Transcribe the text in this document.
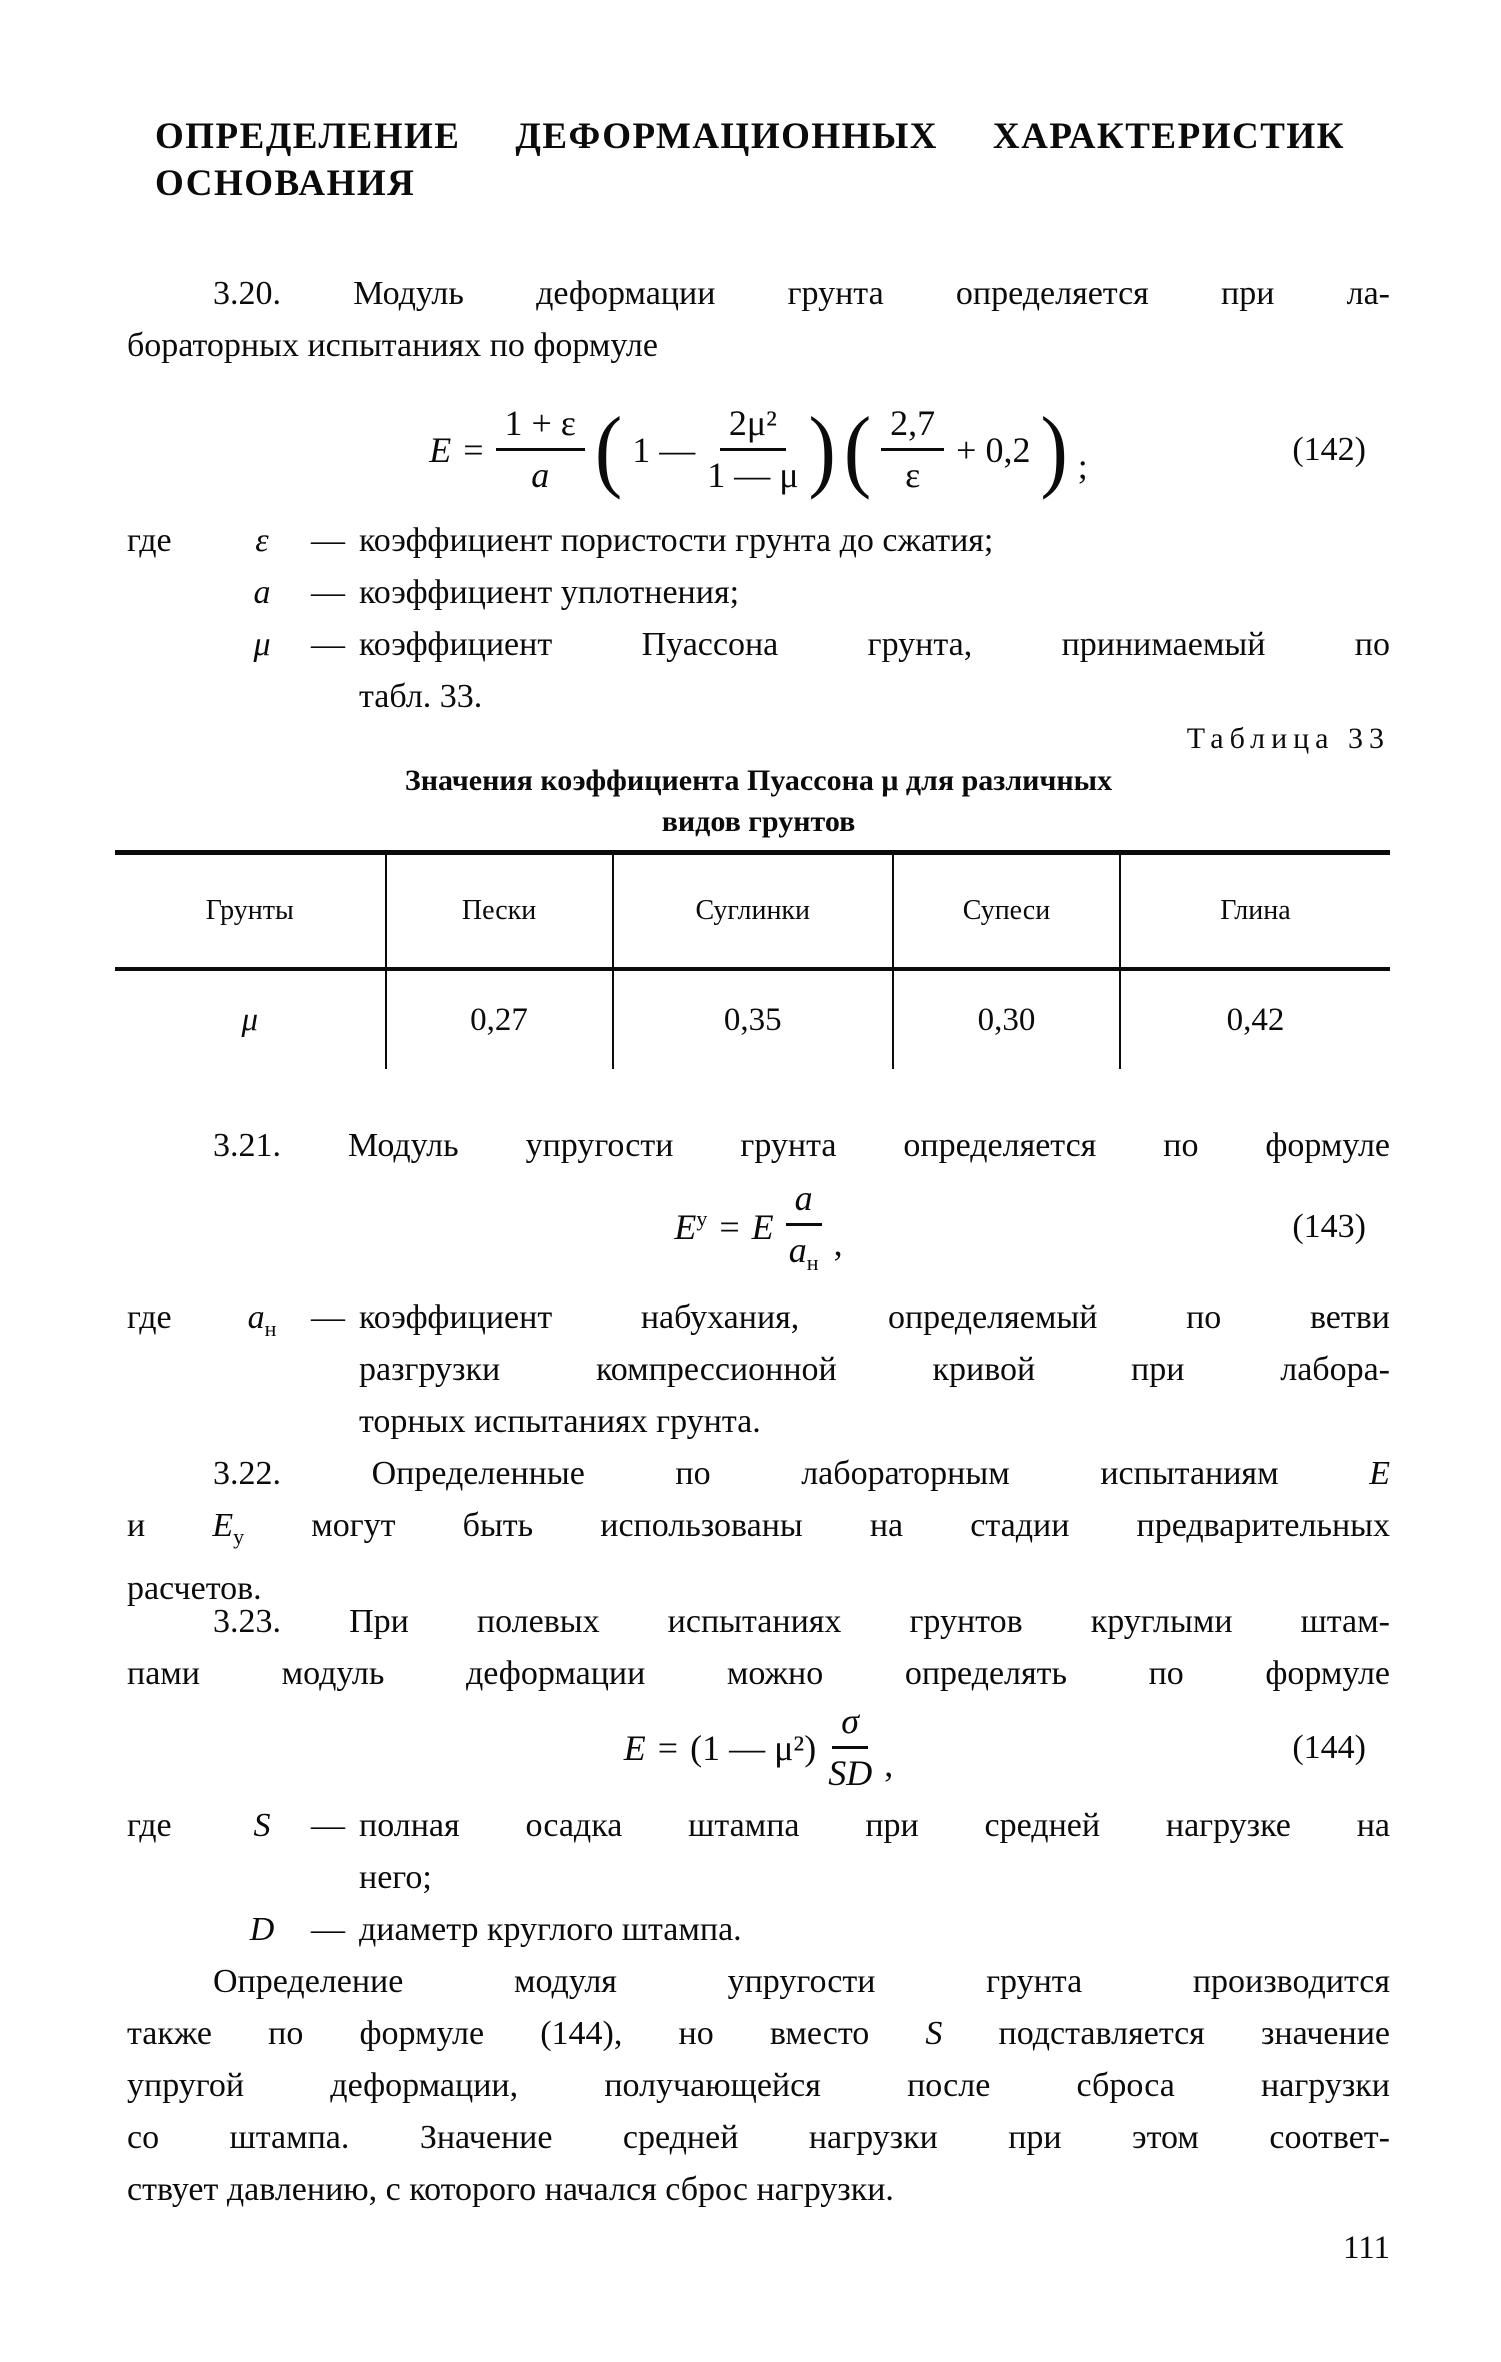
ОПРЕДЕЛЕНИЕ ДЕФОРМАЦИОННЫХ ХАРАКТЕРИСТИК
ОСНОВАНИЯ
3.20. Модуль деформации грунта определяется при ла-
бораторных испытаниях по формуле
$E = \frac{1 + \varepsilon}{a}$ ( 1 — $\frac{\text{2μ²}}{1 — \mu}$ ) ( $\frac{2,7}{\varepsilon} + 0,2$ ) ;	(142)
где	ε	— коэффициент пористости грунта до сжатия;
a	— коэффициент уплотнения;
μ	— коэффициент Пуассона грунта, принимаемый по
табл. 33.
Таблица 33
Значения коэффициента Пуассона μ для различных
видов грунтов
Грунты	Пески	Суглинки	Супеси	Глина
μ	0,27	0,35	0,30	0,42
3.21. Модуль упругости грунта определяется по формуле
$E^у = E \frac{a}{a_н}$ ,	(143)
где	$a_н$	— коэффициент набухания, определяемый по ветви
разгрузки компрессионной кривой при лабора-
торных испытаниях грунта.
3.22. Определенные по лабораторным испытаниям E
и $E_у$ могут быть использованы на стадии предварительных
расчетов.
3.23. При полевых испытаниях грунтов круглыми штам-
пами модуль деформации можно определять по формуле
E = (1 — $\mu^2) \frac{\sigma}{SD}$ ,	(144)
где	S	— полная осадка штампа при средней нагрузке на
него;
D	— диаметр круглого штампа.
Определение модуля упругости грунта производится
также по формуле (144), но вместо S подставляется значение
упругой деформации, получающейся после сброса нагрузки
со штампа. Значение средней нагрузки при этом соответ-
ствует давлению, с которого начался сброс нагрузки.
111
